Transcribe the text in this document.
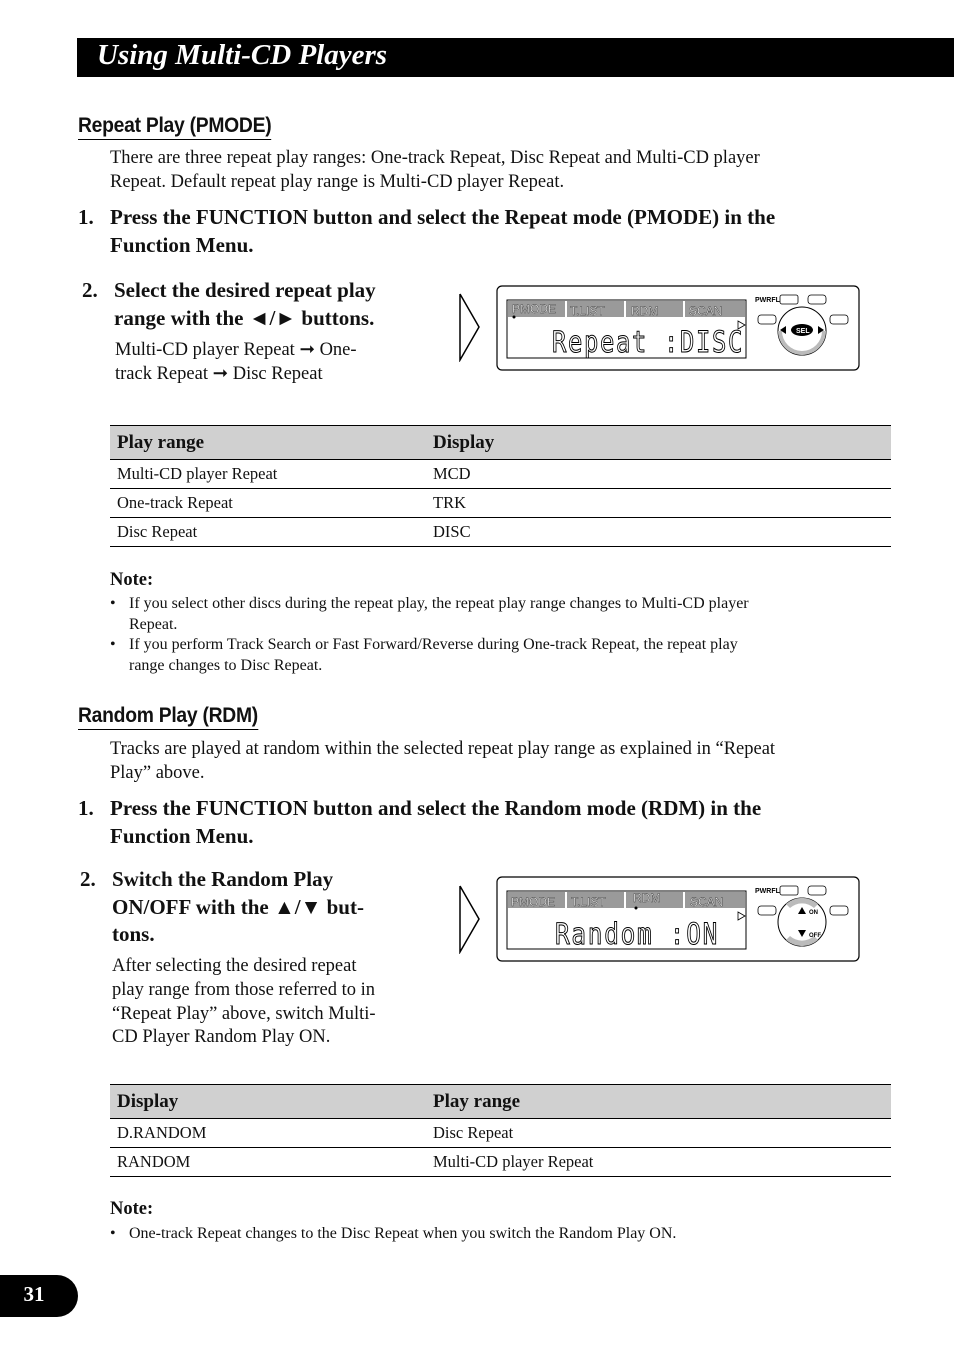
Using Multi-CD Players
Repeat Play (PMODE)
There are three repeat play ranges: One-track Repeat, Disc Repeat and Multi-CD player
Repeat. Default repeat play range is Multi-CD player Repeat.
1. Press the FUNCTION button and select the Repeat mode (PMODE) in the
Function Menu.
2. Select the desired repeat play
range with the ◄/► buttons.
Multi-CD player Repeat ➞ One-
track Repeat ➞ Disc Repeat
PMODE T.LIST RDM	SCAN
Repeat :DISC
PWRFL
SEL
Play range	Display
Multi-CD player Repeat	MCD
One-track Repeat	TRK
Disc Repeat	DISC
Note:
• If you select other discs during the repeat play, the repeat play range changes to Multi-CD player
Repeat.
• If you perform Track Search or Fast Forward/Reverse during One-track Repeat, the repeat play
range changes to Disc Repeat.
Random Play (RDM)
Tracks are played at random within the selected repeat play range as explained in “Repeat
Play” above.
1. Press the FUNCTION button and select the Random mode (RDM) in the
Function Menu.
2. Switch the Random Play
ON/OFF with the ▲/▼ but-
tons.
After selecting the desired repeat
play range from those referred to in
“Repeat Play” above, switch Multi-
CD Player Random Play ON.
PMODE T.LIST RDM SCAN
Random :ON
PWRFL
ON
OFF
Display	Play range
D.RANDOM	Disc Repeat
RANDOM	Multi-CD player Repeat
Note:
• One-track Repeat changes to the Disc Repeat when you switch the Random Play ON.
31
